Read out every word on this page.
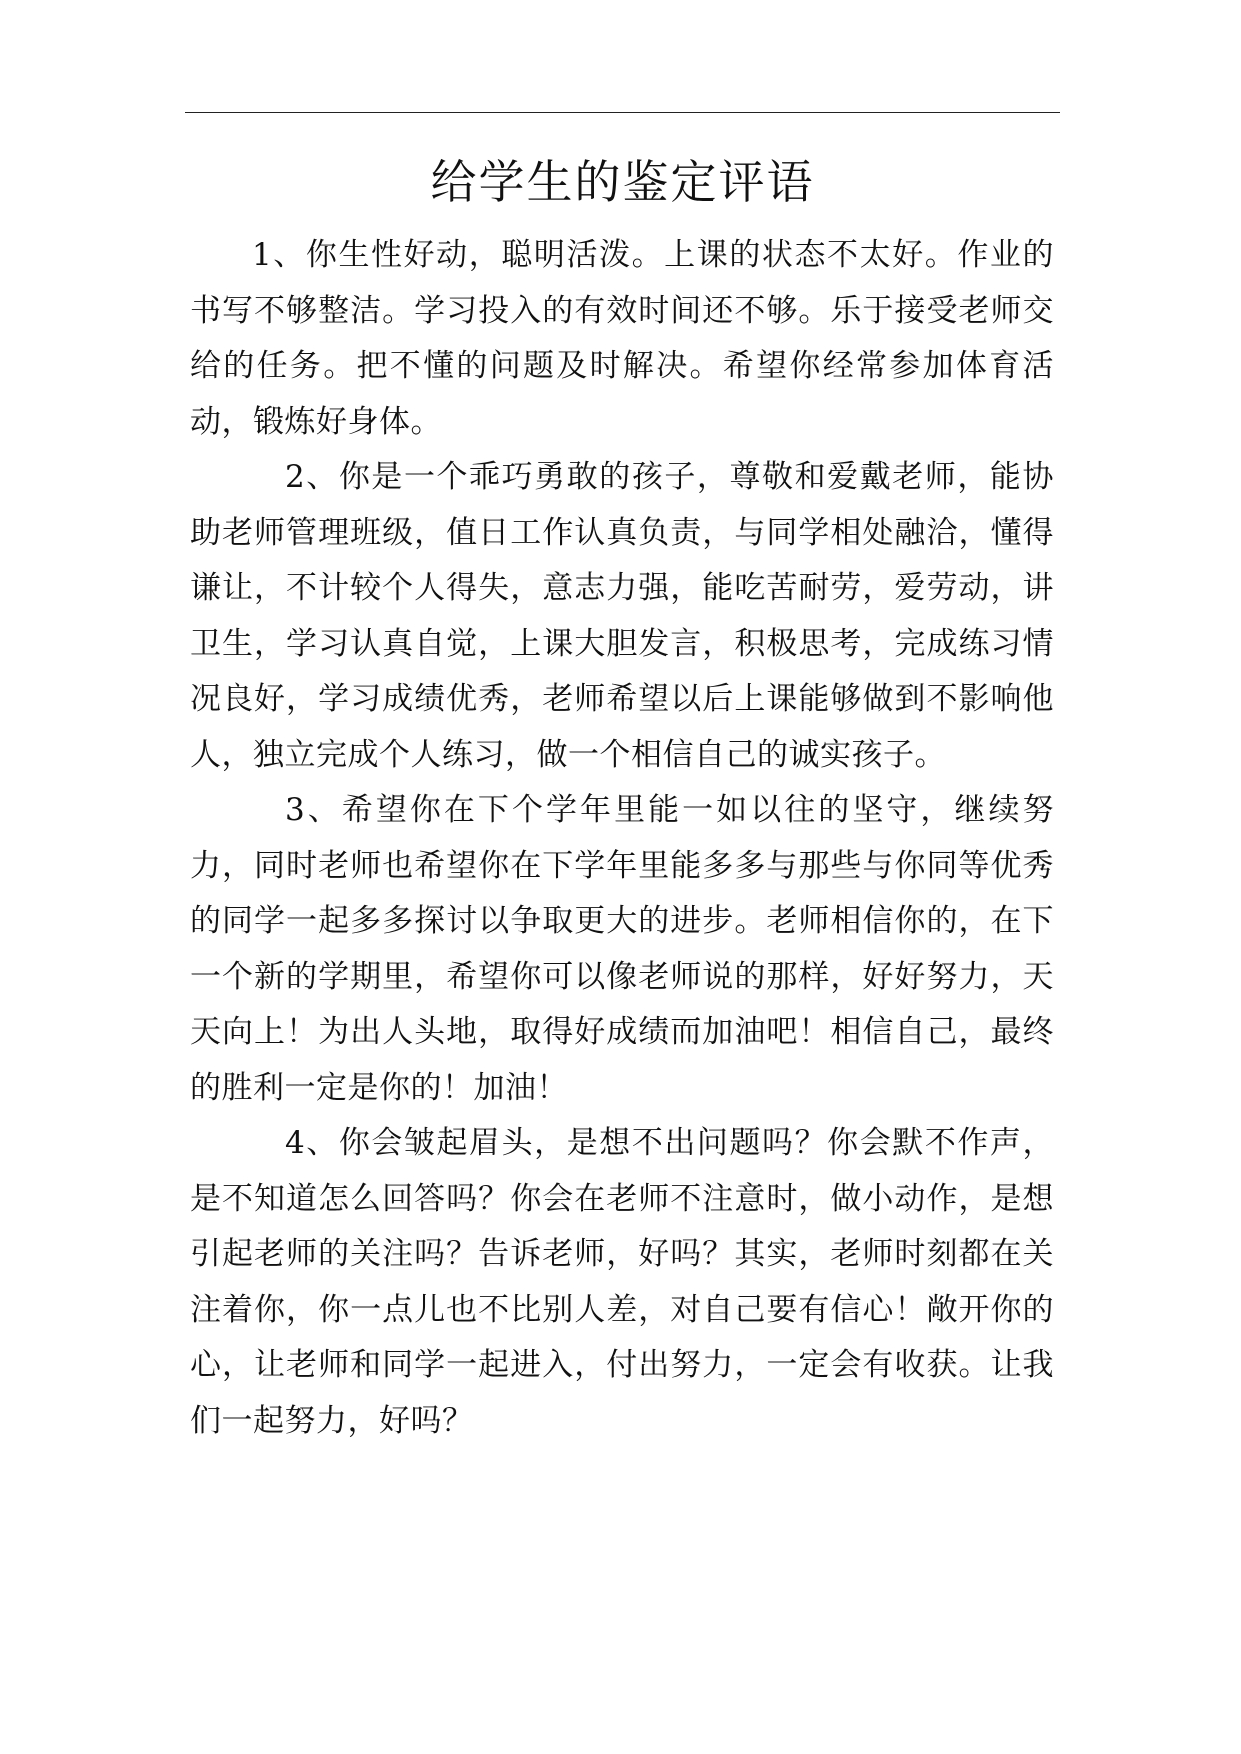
给学生的鉴定评语

1、你生性好动，聪明活泼。上课的状态不太好。作业的书写不够整洁。学习投入的有效时间还不够。乐于接受老师交给的任务。把不懂的问题及时解决。希望你经常参加体育活动，锻炼好身体。

2、你是一个乖巧勇敢的孩子，尊敬和爱戴老师，能协助老师管理班级，值日工作认真负责，与同学相处融洽，懂得谦让，不计较个人得失，意志力强，能吃苦耐劳，爱劳动，讲卫生，学习认真自觉，上课大胆发言，积极思考，完成练习情况良好，学习成绩优秀，老师希望以后上课能够做到不影响他人，独立完成个人练习，做一个相信自己的诚实孩子。

3、希望你在下个学年里能一如以往的坚守，继续努力，同时老师也希望你在下学年里能多多与那些与你同等优秀的同学一起多多探讨以争取更大的进步。老师相信你的，在下一个新的学期里，希望你可以像老师说的那样，好好努力，天天向上！为出人头地，取得好成绩而加油吧！相信自己，最终的胜利一定是你的！加油！

4、你会皱起眉头，是想不出问题吗？你会默不作声，是不知道怎么回答吗？你会在老师不注意时，做小动作，是想引起老师的关注吗？告诉老师，好吗？其实，老师时刻都在关注着你，你一点儿也不比别人差，对自己要有信心！敞开你的心，让老师和同学一起进入，付出努力，一定会有收获。让我们一起努力，好吗？
